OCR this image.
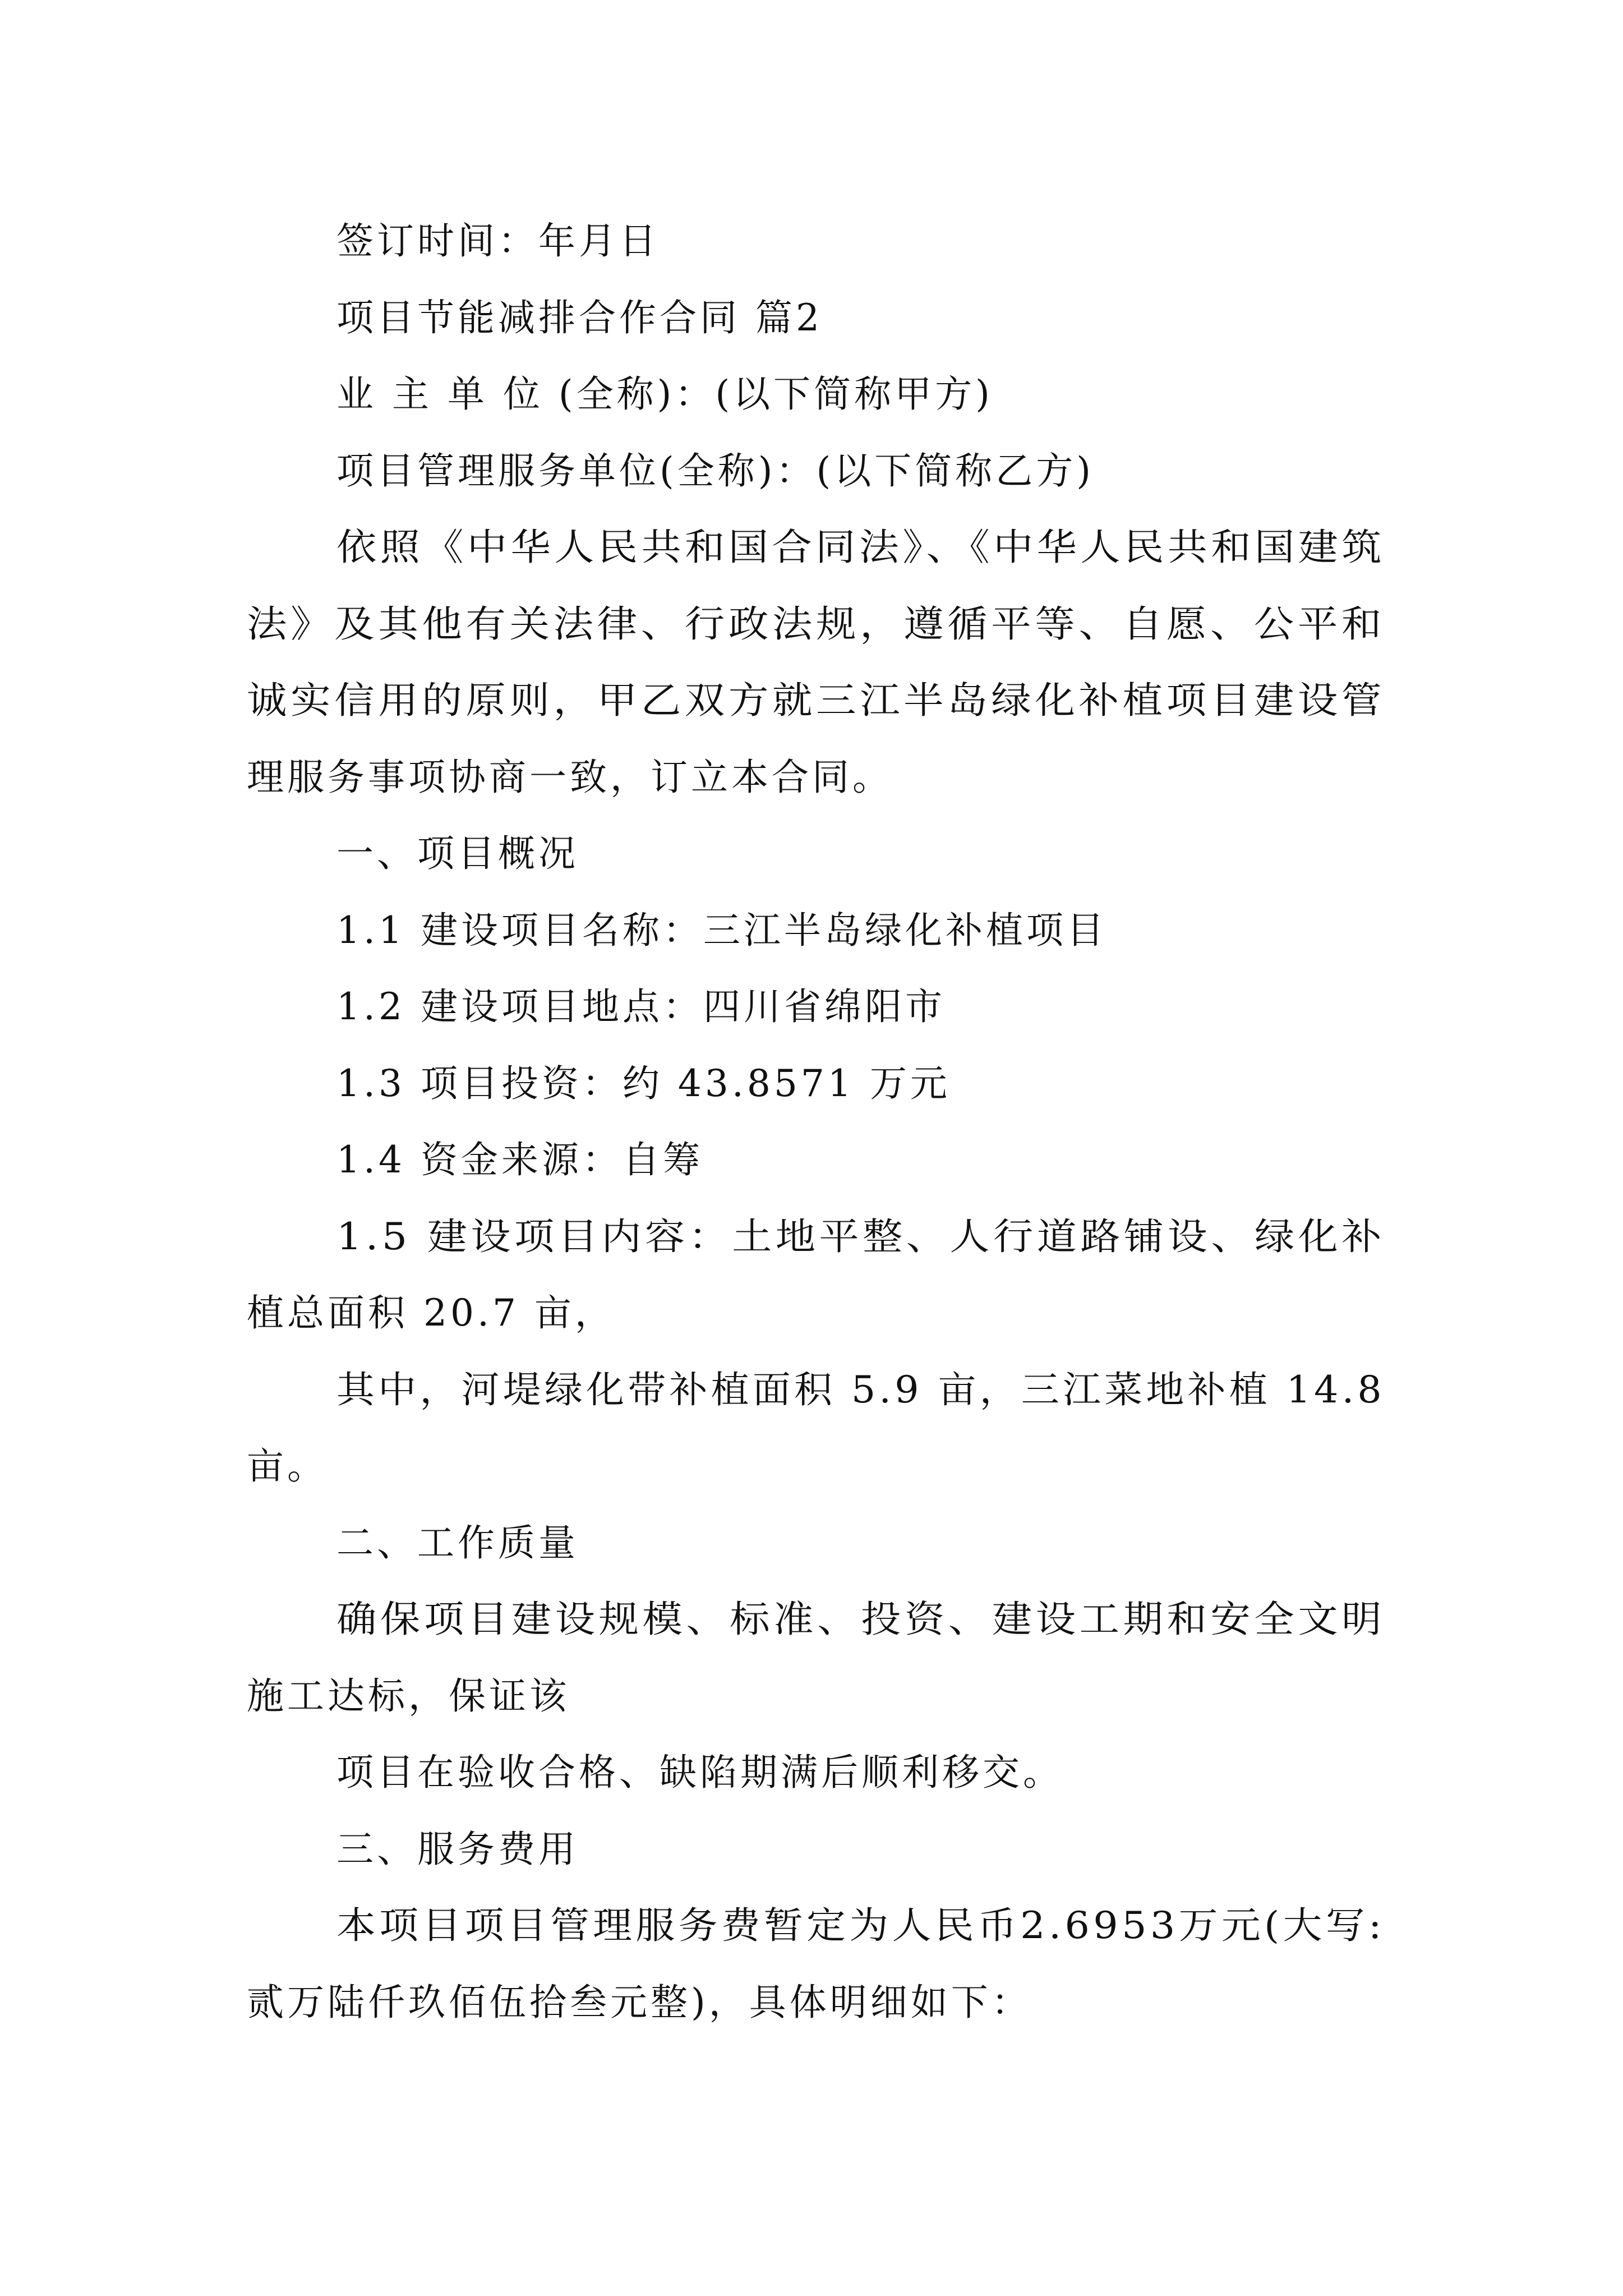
签订时间：年月日
项目节能减排合作合同 篇2
业 主 单 位 (全称)：(以下简称甲方)
项目管理服务单位(全称)：(以下简称乙方)
依照《中华人民共和国合同法》、《中华人民共和国建筑
法》及其他有关法律、行政法规，遵循平等、自愿、公平和
诚实信用的原则，甲乙双方就三江半岛绿化补植项目建设管
理服务事项协商一致，订立本合同。
一、项目概况
1.1 建设项目名称：三江半岛绿化补植项目
1.2 建设项目地点：四川省绵阳市
1.3 项目投资：约 43.8571 万元
1.4 资金来源：自筹
1.5 建设项目内容：土地平整、人行道路铺设、绿化补
植总面积 20.7 亩，
其中，河堤绿化带补植面积 5.9 亩，三江菜地补植 14.8
亩。
二、工作质量
确保项目建设规模、标准、投资、建设工期和安全文明
施工达标，保证该
项目在验收合格、缺陷期满后顺利移交。
三、服务费用
本项目项目管理服务费暂定为人民币2.6953万元(大写:
贰万陆仟玖佰伍拾叁元整)，具体明细如下：
